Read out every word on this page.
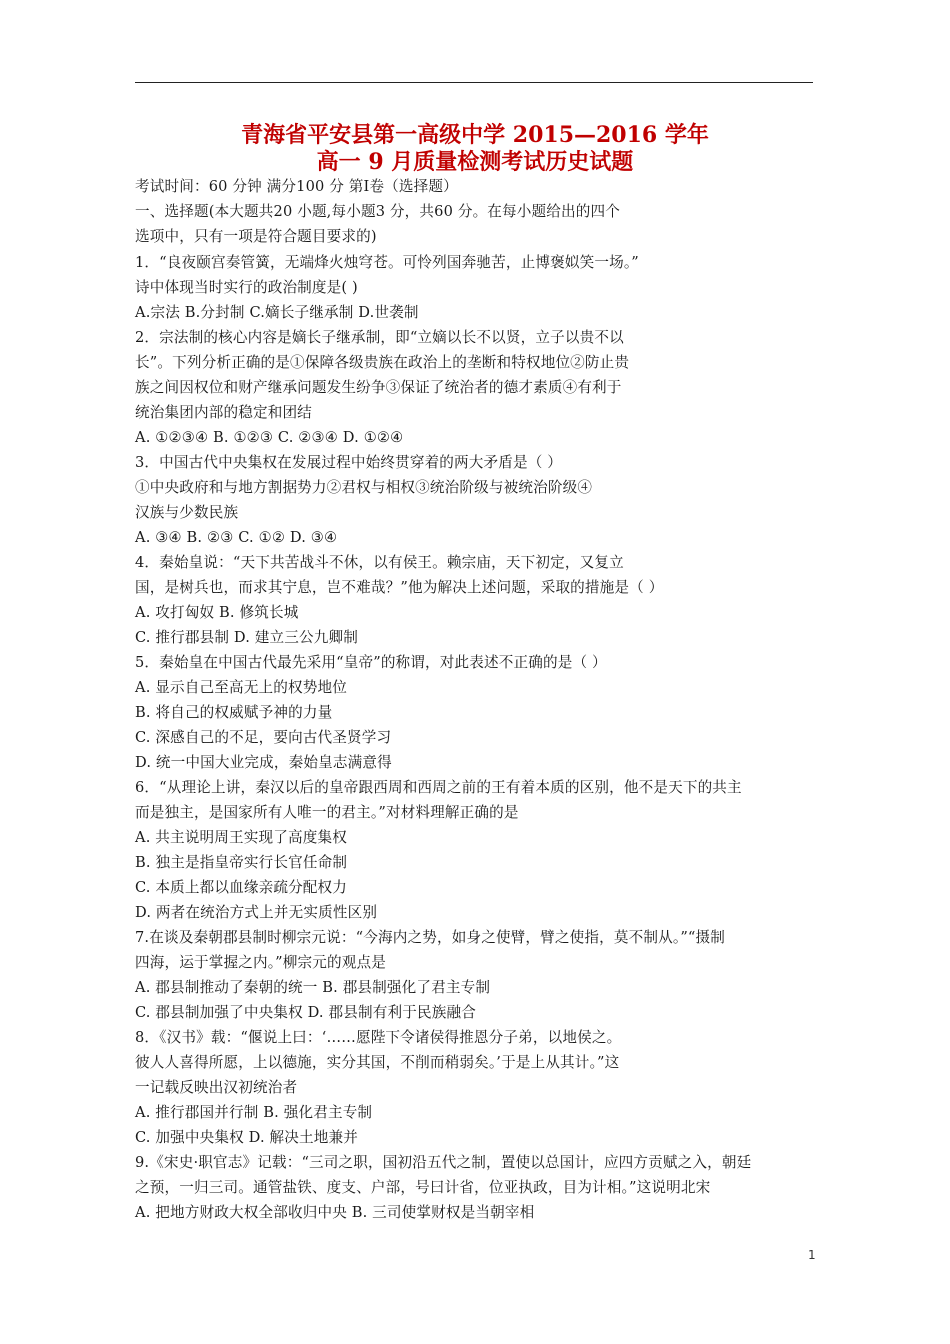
青海省平安县第一高级中学 2015—2016 学年
高一 9 月质量检测考试历史试题
考试时间：60 分钟 满分100 分 第Ⅰ卷（选择题）
一、选择题(本大题共20 小题,每小题3 分，共60 分。在每小题给出的四个
选项中，只有一项是符合题目要求的)
1．“良夜颐宫奏管簧，无端烽火烛穹苍。可怜列国奔驰苦，止博褒姒笑一场。”
诗中体现当时实行的政治制度是( )
A.宗法 B.分封制 C.嫡长子继承制 D.世袭制
2．宗法制的核心内容是嫡长子继承制，即“立嫡以长不以贤，立子以贵不以
长”。下列分析正确的是①保障各级贵族在政治上的垄断和特权地位②防止贵
族之间因权位和财产继承问题发生纷争③保证了统治者的德才素质④有利于
统治集团内部的稳定和团结
A. ①②③④ B. ①②③ C. ②③④ D. ①②④
3．中国古代中央集权在发展过程中始终贯穿着的两大矛盾是（ ）
①中央政府和与地方割据势力②君权与相权③统治阶级与被统治阶级④
汉族与少数民族
A. ③④ B. ②③ C. ①② D. ③④
4．秦始皇说：“天下共苦战斗不休，以有侯王。赖宗庙，天下初定，又复立
国，是树兵也，而求其宁息，岂不难哉？”他为解决上述问题，采取的措施是（ ）
A. 攻打匈奴 B. 修筑长城
C. 推行郡县制 D. 建立三公九卿制
5．秦始皇在中国古代最先采用“皇帝”的称谓，对此表述不正确的是（ ）
A. 显示自己至高无上的权势地位
B. 将自己的权威赋予神的力量
C. 深感自己的不足，要向古代圣贤学习
D. 统一中国大业完成，秦始皇志满意得
6．“从理论上讲，秦汉以后的皇帝跟西周和西周之前的王有着本质的区别，他不是天下的共主
而是独主，是国家所有人唯一的君主。”对材料理解正确的是
A. 共主说明周王实现了高度集权
B. 独主是指皇帝实行长官任命制
C. 本质上都以血缘亲疏分配权力
D. 两者在统治方式上并无实质性区别
7.在谈及秦朝郡县制时柳宗元说：“今海内之势，如身之使臂，臂之使指，莫不制从。”“摄制
四海，运于掌握之内。”柳宗元的观点是
A. 郡县制推动了秦朝的统一 B. 郡县制强化了君主专制
C. 郡县制加强了中央集权 D. 郡县制有利于民族融合
8．《汉书》载：“偃说上曰：‘……愿陛下令诸侯得推恩分子弟，以地侯之。
彼人人喜得所愿，上以德施，实分其国，不削而稍弱矣。’于是上从其计。”这
一记载反映出汉初统治者
A. 推行郡国并行制 B. 强化君主专制
C. 加强中央集权 D. 解决土地兼并
9.《宋史·职官志》记载：“三司之职，国初沿五代之制，置使以总国计，应四方贡赋之入，朝廷
之预，一归三司。通管盐铁、度支、户部，号曰计省，位亚执政，目为计相。”这说明北宋
A. 把地方财政大权全部收归中央 B. 三司使掌财权是当朝宰相
1
